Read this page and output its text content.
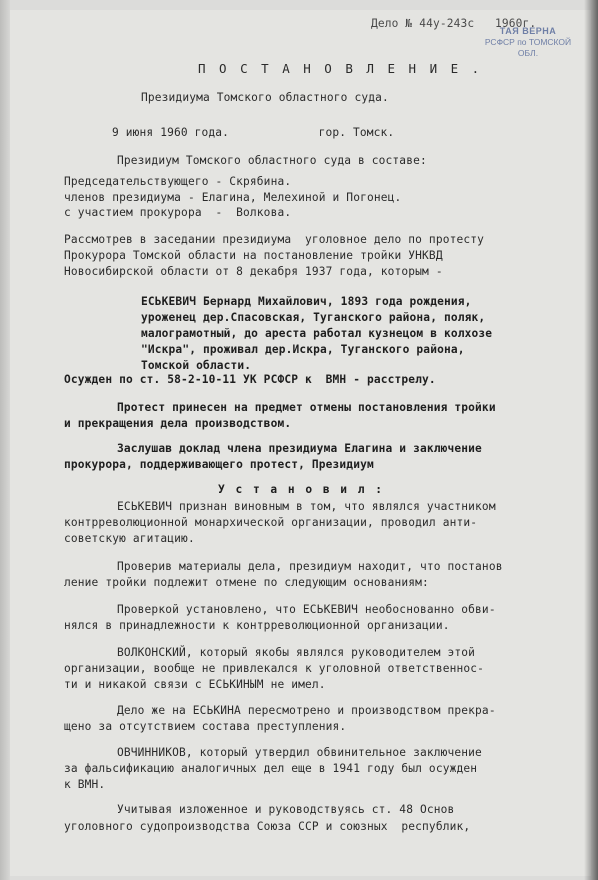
Дело № 44у-243с   1960г.
ТАЯ ВЕРНА
РСФСР по ТОМСКОЙ ОБЛ.
П О С Т А Н О В Л Е Н И Е .
Президиума Томского областного суда.
9 июня 1960 года.             гор. Томск.
Президиум Томского областного суда в составе:
Председательствующего - Скрябина.
членов президиума - Елагина, Мелехиной и Погонец.
с участием прокурора  -  Волкова.
Рассмотрев в заседании президиума  уголовное дело по протесту
Прокурора Томской области на постановление тройки УНКВД
Новосибирской области от 8 декабря 1937 года, которым -
ЕСЬКЕВИЧ Бернард Михайлович, 1893 года рождения,
уроженец дер.Спасовская, Туганского района, поляк,
малограмотный, до ареста работал кузнецом в колхозе
"Искра", проживал дер.Искра, Туганского района,
Томской области.
Осужден по ст. 58-2-10-11 УК РСФСР к  ВМН - расстрелу.
Протест принесен на предмет отмены постановления тройки
и прекращения дела производством.
Заслушав доклад члена президиума Елагина и заключение
прокурора, поддерживающего протест, Президиум
У с т а н о в и л :
ЕСЬКЕВИЧ признан виновным в том, что являлся участником
контрреволюционной монархической организации, проводил анти-
советскую агитацию.
Проверив материалы дела, президиум находит, что постанов
ление тройки подлежит отмене по следующим основаниям:
Проверкой установлено, что ЕСЬКЕВИЧ необоснованно обви-
нялся в принадлежности к контрреволюционной организации.
ВОЛКОНСКИЙ, который якобы являлся руководителем этой
организации, вообще не привлекался к уголовной ответственнос-
ти и никакой связи с ЕСЬКИНЫМ не имел.
Дело же на ЕСЬКИНА пересмотрено и производством прекра-
щено за отсутствием состава преступления.
ОВЧИННИКОВ, который утвердил обвинительное заключение
за фальсификацию аналогичных дел еще в 1941 году был осужден
к ВМН.
Учитывая изложенное и руководствуясь ст. 48 Основ
уголовного судопроизводства Союза ССР и союзных  республик,
